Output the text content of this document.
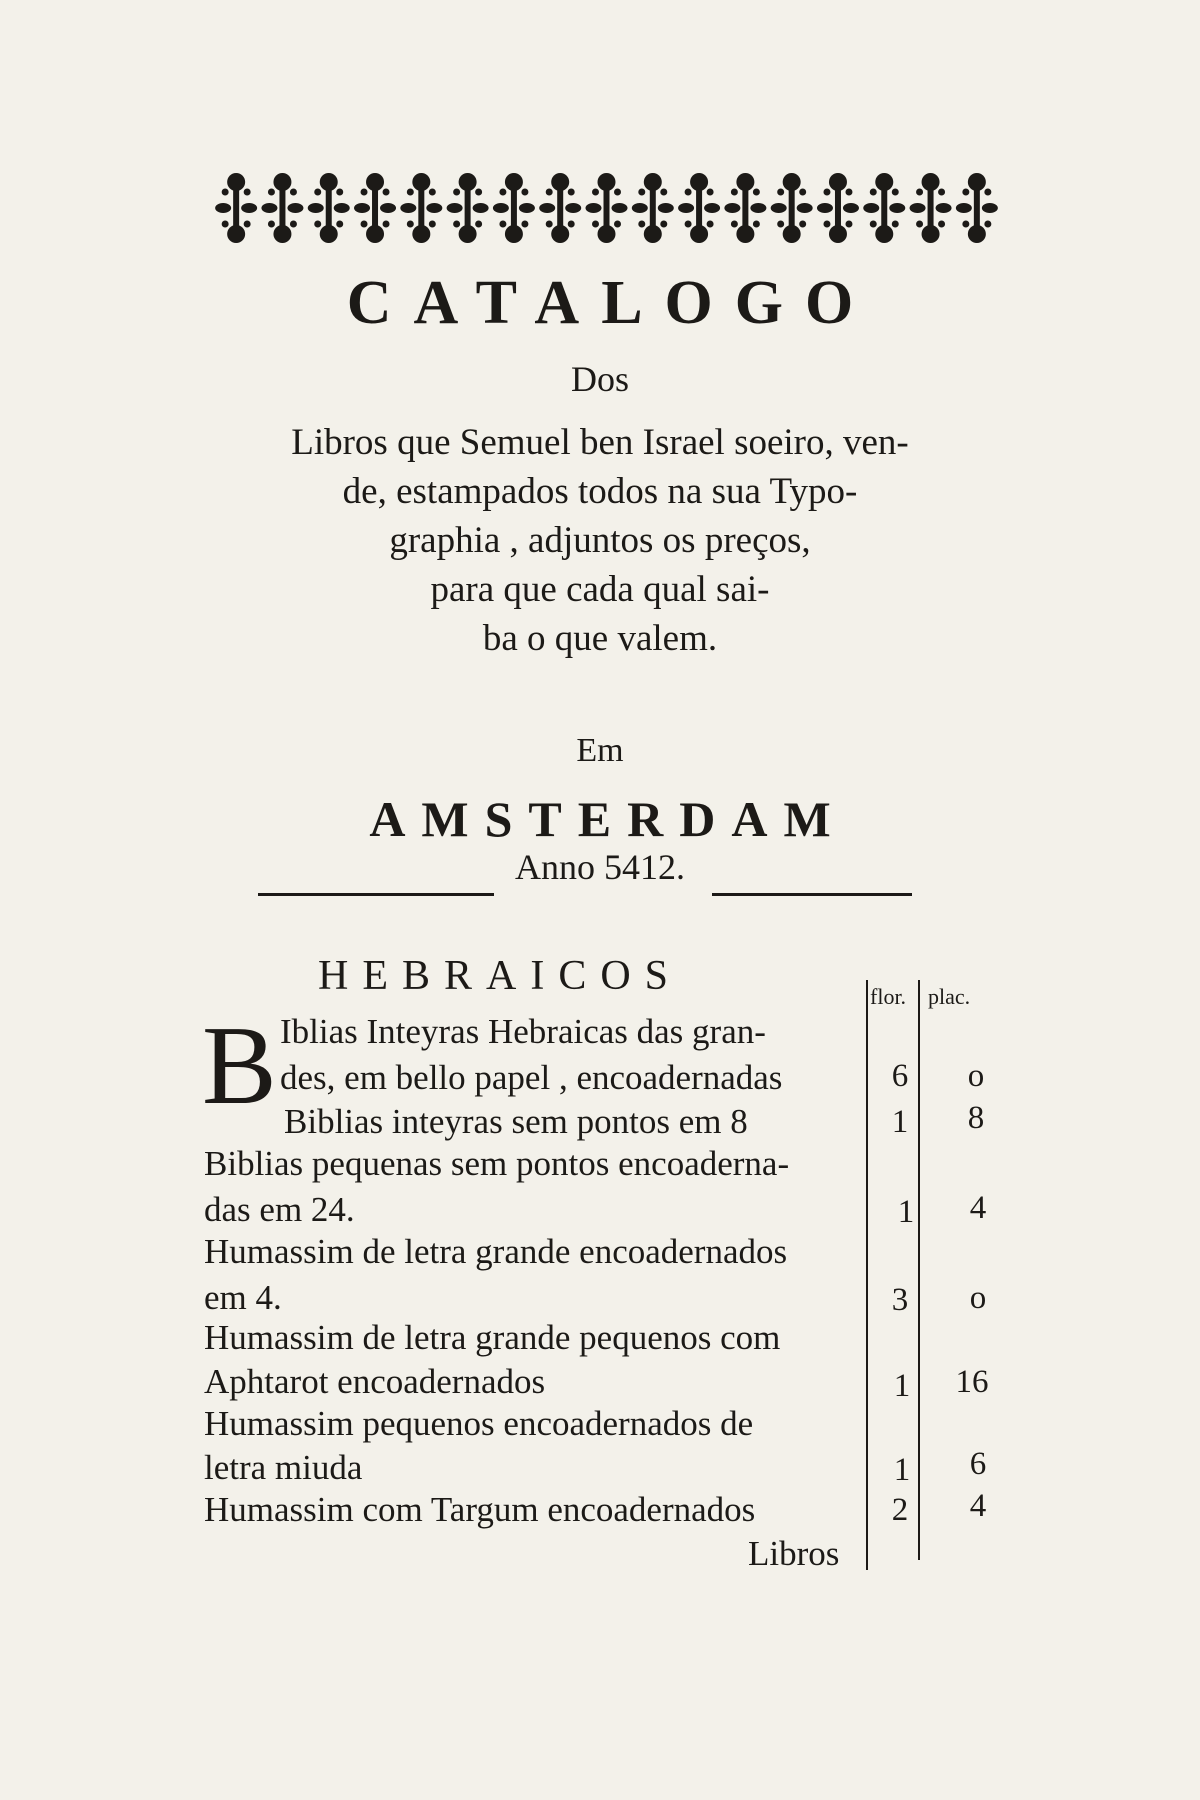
CATALOGO
Dos
Libros que Semuel ben Israel soeiro, ven-
de, estampados todos na sua Typo-
graphia , adjuntos os preços,
para que cada qual sai-
ba o que valem.
Em
AMSTERDAM
Anno 5412.
HEBRAICOS	flor. plac.
B Iblias Inteyras Hebraicas das gran-
des, em bello papel , encoadernadas	6	o
Biblias inteyras sem pontos em 8	1	8
Biblias pequenas sem pontos encoaderna-
das em 24.	1	4
Humassim de letra grande encoadernados
em 4.	3	o
Humassim de letra grande pequenos com
Aphtarot encoadernados	1	16
Humassim pequenos encoadernados de
letra miuda	1	6
Humassim com Targum encoadernados	2	4
Libros
